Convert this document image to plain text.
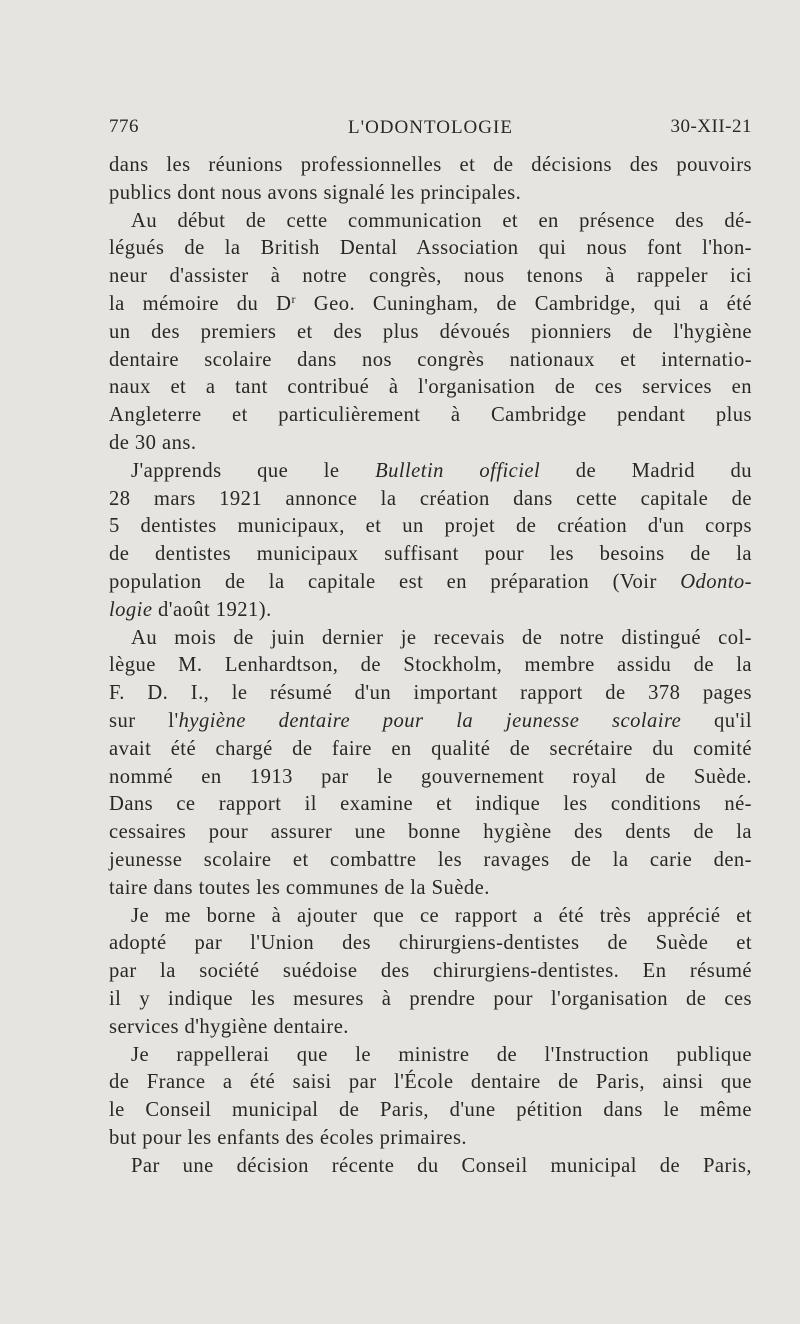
776	L'ODONTOLOGIE	30-XII-21
dans les réunions professionnelles et de décisions des pouvoirs
publics dont nous avons signalé les principales.
Au début de cette communication et en présence des dé-
légués de la British Dental Association qui nous font l'hon-
neur d'assister à notre congrès, nous tenons à rappeler ici
la mémoire du $D^r$ Geo. Cuningham, de Cambridge, qui a été
un des premiers et des plus dévoués pionniers de l'hygiène
dentaire scolaire dans nos congrès nationaux et internatio-
naux et a tant contribué à l'organisation de ces services en
Angleterre et particulièrement à Cambridge pendant plus
de 30 ans.
J'apprends que le Bulletin officiel de Madrid du
28 mars 1921 annonce la création dans cette capitale de
5 dentistes municipaux, et un projet de création d'un corps
de dentistes municipaux suffisant pour les besoins de la
population de la capitale est en préparation (Voir Odonto-
logie d'août 1921).
Au mois de juin dernier je recevais de notre distingué col-
lègue M. Lenhardtson, de Stockholm, membre assidu de la
F. D. I., le résumé d'un important rapport de 378 pages
sur l'hygiène dentaire pour la jeunesse scolaire qu'il
avait été chargé de faire en qualité de secrétaire du comité
nommé en 1913 par le gouvernement royal de Suède.
Dans ce rapport il examine et indique les conditions né-
cessaires pour assurer une bonne hygiène des dents de la
jeunesse scolaire et combattre les ravages de la carie den-
taire dans toutes les communes de la Suède.
Je me borne à ajouter que ce rapport a été très apprécié et
adopté par l'Union des chirurgiens-dentistes de Suède et
par la société suédoise des chirurgiens-dentistes. En résumé
il y indique les mesures à prendre pour l'organisation de ces
services d'hygiène dentaire.
Je rappellerai que le ministre de l'Instruction publique
de France a été saisi par l'École dentaire de Paris, ainsi que
le Conseil municipal de Paris, d'une pétition dans le même
but pour les enfants des écoles primaires.
Par une décision récente du Conseil municipal de Paris,
